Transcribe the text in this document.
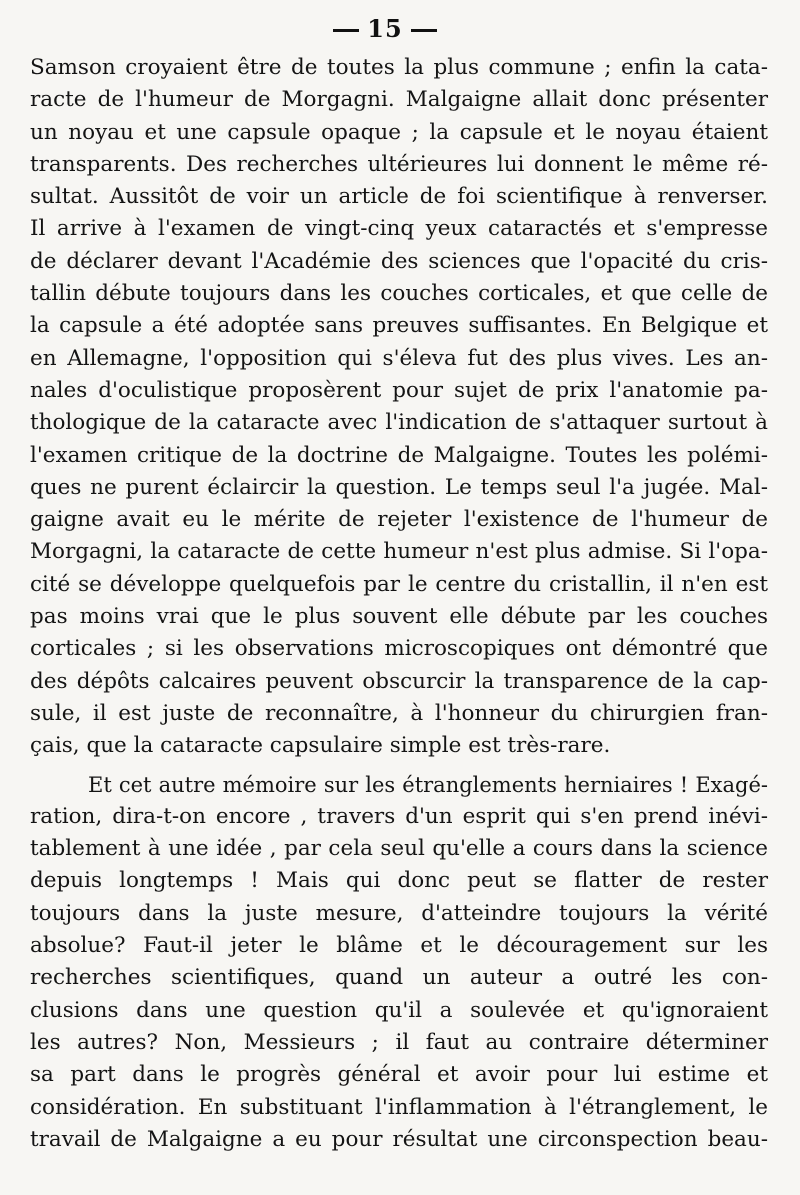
15
Samson croyaient être de toutes la plus commune ; enfin la cata-
racte de l'humeur de Morgagni. Malgaigne allait donc présenter
un noyau et une capsule opaque ; la capsule et le noyau étaient
transparents. Des recherches ultérieures lui donnent le même ré-
sultat. Aussitôt de voir un article de foi scientifique à renverser.
Il arrive à l'examen de vingt-cinq yeux cataractés et s'empresse
de déclarer devant l'Académie des sciences que l'opacité du cris-
tallin débute toujours dans les couches corticales, et que celle de
la capsule a été adoptée sans preuves suffisantes. En Belgique et
en Allemagne, l'opposition qui s'éleva fut des plus vives. Les an-
nales d'oculistique proposèrent pour sujet de prix l'anatomie pa-
thologique de la cataracte avec l'indication de s'attaquer surtout à
l'examen critique de la doctrine de Malgaigne. Toutes les polémi-
ques ne purent éclaircir la question. Le temps seul l'a jugée. Mal-
gaigne avait eu le mérite de rejeter l'existence de l'humeur de
Morgagni, la cataracte de cette humeur n'est plus admise. Si l'opa-
cité se développe quelquefois par le centre du cristallin, il n'en est
pas moins vrai que le plus souvent elle débute par les couches
corticales ; si les observations microscopiques ont démontré que
des dépôts calcaires peuvent obscurcir la transparence de la cap-
sule, il est juste de reconnaître, à l'honneur du chirurgien fran-
çais, que la cataracte capsulaire simple est très-rare.
Et cet autre mémoire sur les étranglements herniaires ! Exagé-
ration, dira-t-on encore , travers d'un esprit qui s'en prend inévi-
tablement à une idée , par cela seul qu'elle a cours dans la science
depuis longtemps ! Mais qui donc peut se flatter de rester
toujours dans la juste mesure, d'atteindre toujours la vérité
absolue? Faut-il jeter le blâme et le découragement sur les
recherches scientifiques, quand un auteur a outré les con-
clusions dans une question qu'il a soulevée et qu'ignoraient
les autres? Non, Messieurs ; il faut au contraire déterminer
sa part dans le progrès général et avoir pour lui estime et
considération. En substituant l'inflammation à l'étranglement, le
travail de Malgaigne a eu pour résultat une circonspection beau-
